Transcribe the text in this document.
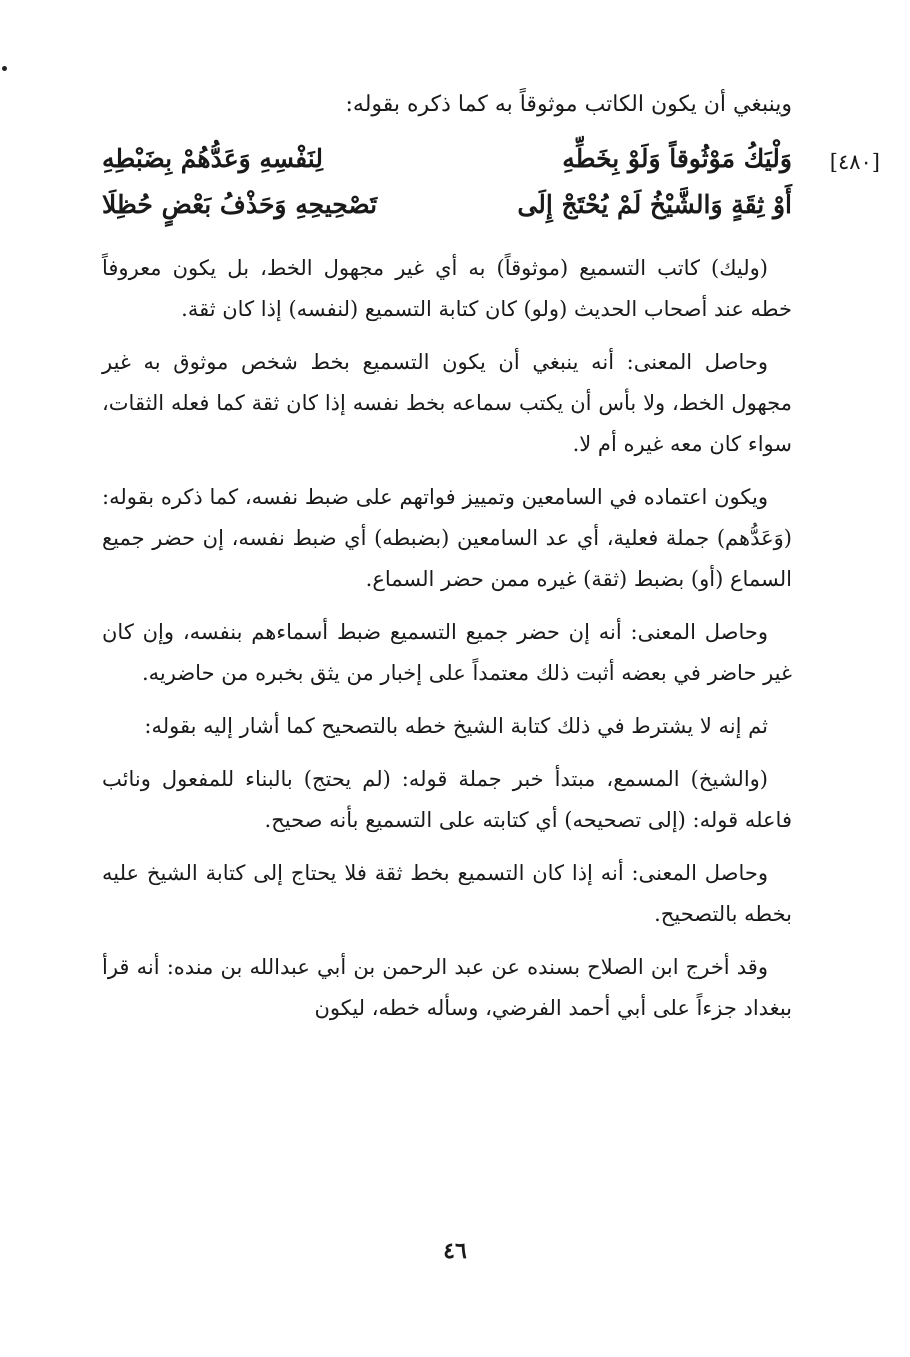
وينبغي أن يكون الكاتب موثوقاً به كما ذكره بقوله:
[٤٨٠]
وَلْيَكُ مَوْثُوقاً وَلَوْ بِخَطِّهِ
لِنَفْسِهِ وَعَدُّهُمْ بِضَبْطِهِ
أَوْ ثِقَةٍ وَالشَّيْخُ لَمْ يُحْتَجْ إِلَى
تَصْحِيحِهِ وَحَذْفُ بَعْضٍ حُظِلَا

(وليك) كاتب التسميع (موثوقاً) به أي غير مجهول الخط، بل يكون معروفاً خطه عند أصحاب الحديث (ولو) كان كتابة التسميع (لنفسه) إذا كان ثقة.

وحاصل المعنى: أنه ينبغي أن يكون التسميع بخط شخص موثوق به غير مجهول الخط، ولا بأس أن يكتب سماعه بخط نفسه إذا كان ثقة كما فعله الثقات، سواء كان معه غيره أم لا.

ويكون اعتماده في السامعين وتمييز فواتهم على ضبط نفسه، كما ذكره بقوله: (وَعَدُّهم) جملة فعلية، أي عد السامعين (بضبطه) أي ضبط نفسه، إن حضر جميع السماع (أو) بضبط (ثقة) غيره ممن حضر السماع.

وحاصل المعنى: أنه إن حضر جميع التسميع ضبط أسماءهم بنفسه، وإن كان غير حاضر في بعضه أثبت ذلك معتمداً على إخبار من يثق بخبره من حاضريه.

ثم إنه لا يشترط في ذلك كتابة الشيخ خطه بالتصحيح كما أشار إليه بقوله:

(والشيخ) المسمع، مبتدأ خبر جملة قوله: (لم يحتج) بالبناء للمفعول ونائب فاعله قوله: (إلى تصحيحه) أي كتابته على التسميع بأنه صحيح.

وحاصل المعنى: أنه إذا كان التسميع بخط ثقة فلا يحتاج إلى كتابة الشيخ عليه بخطه بالتصحيح.

وقد أخرج ابن الصلاح بسنده عن عبد الرحمن بن أبي عبدالله بن منده: أنه قرأ ببغداد جزءاً على أبي أحمد الفرضي، وسأله خطه، ليكون

٤٦
